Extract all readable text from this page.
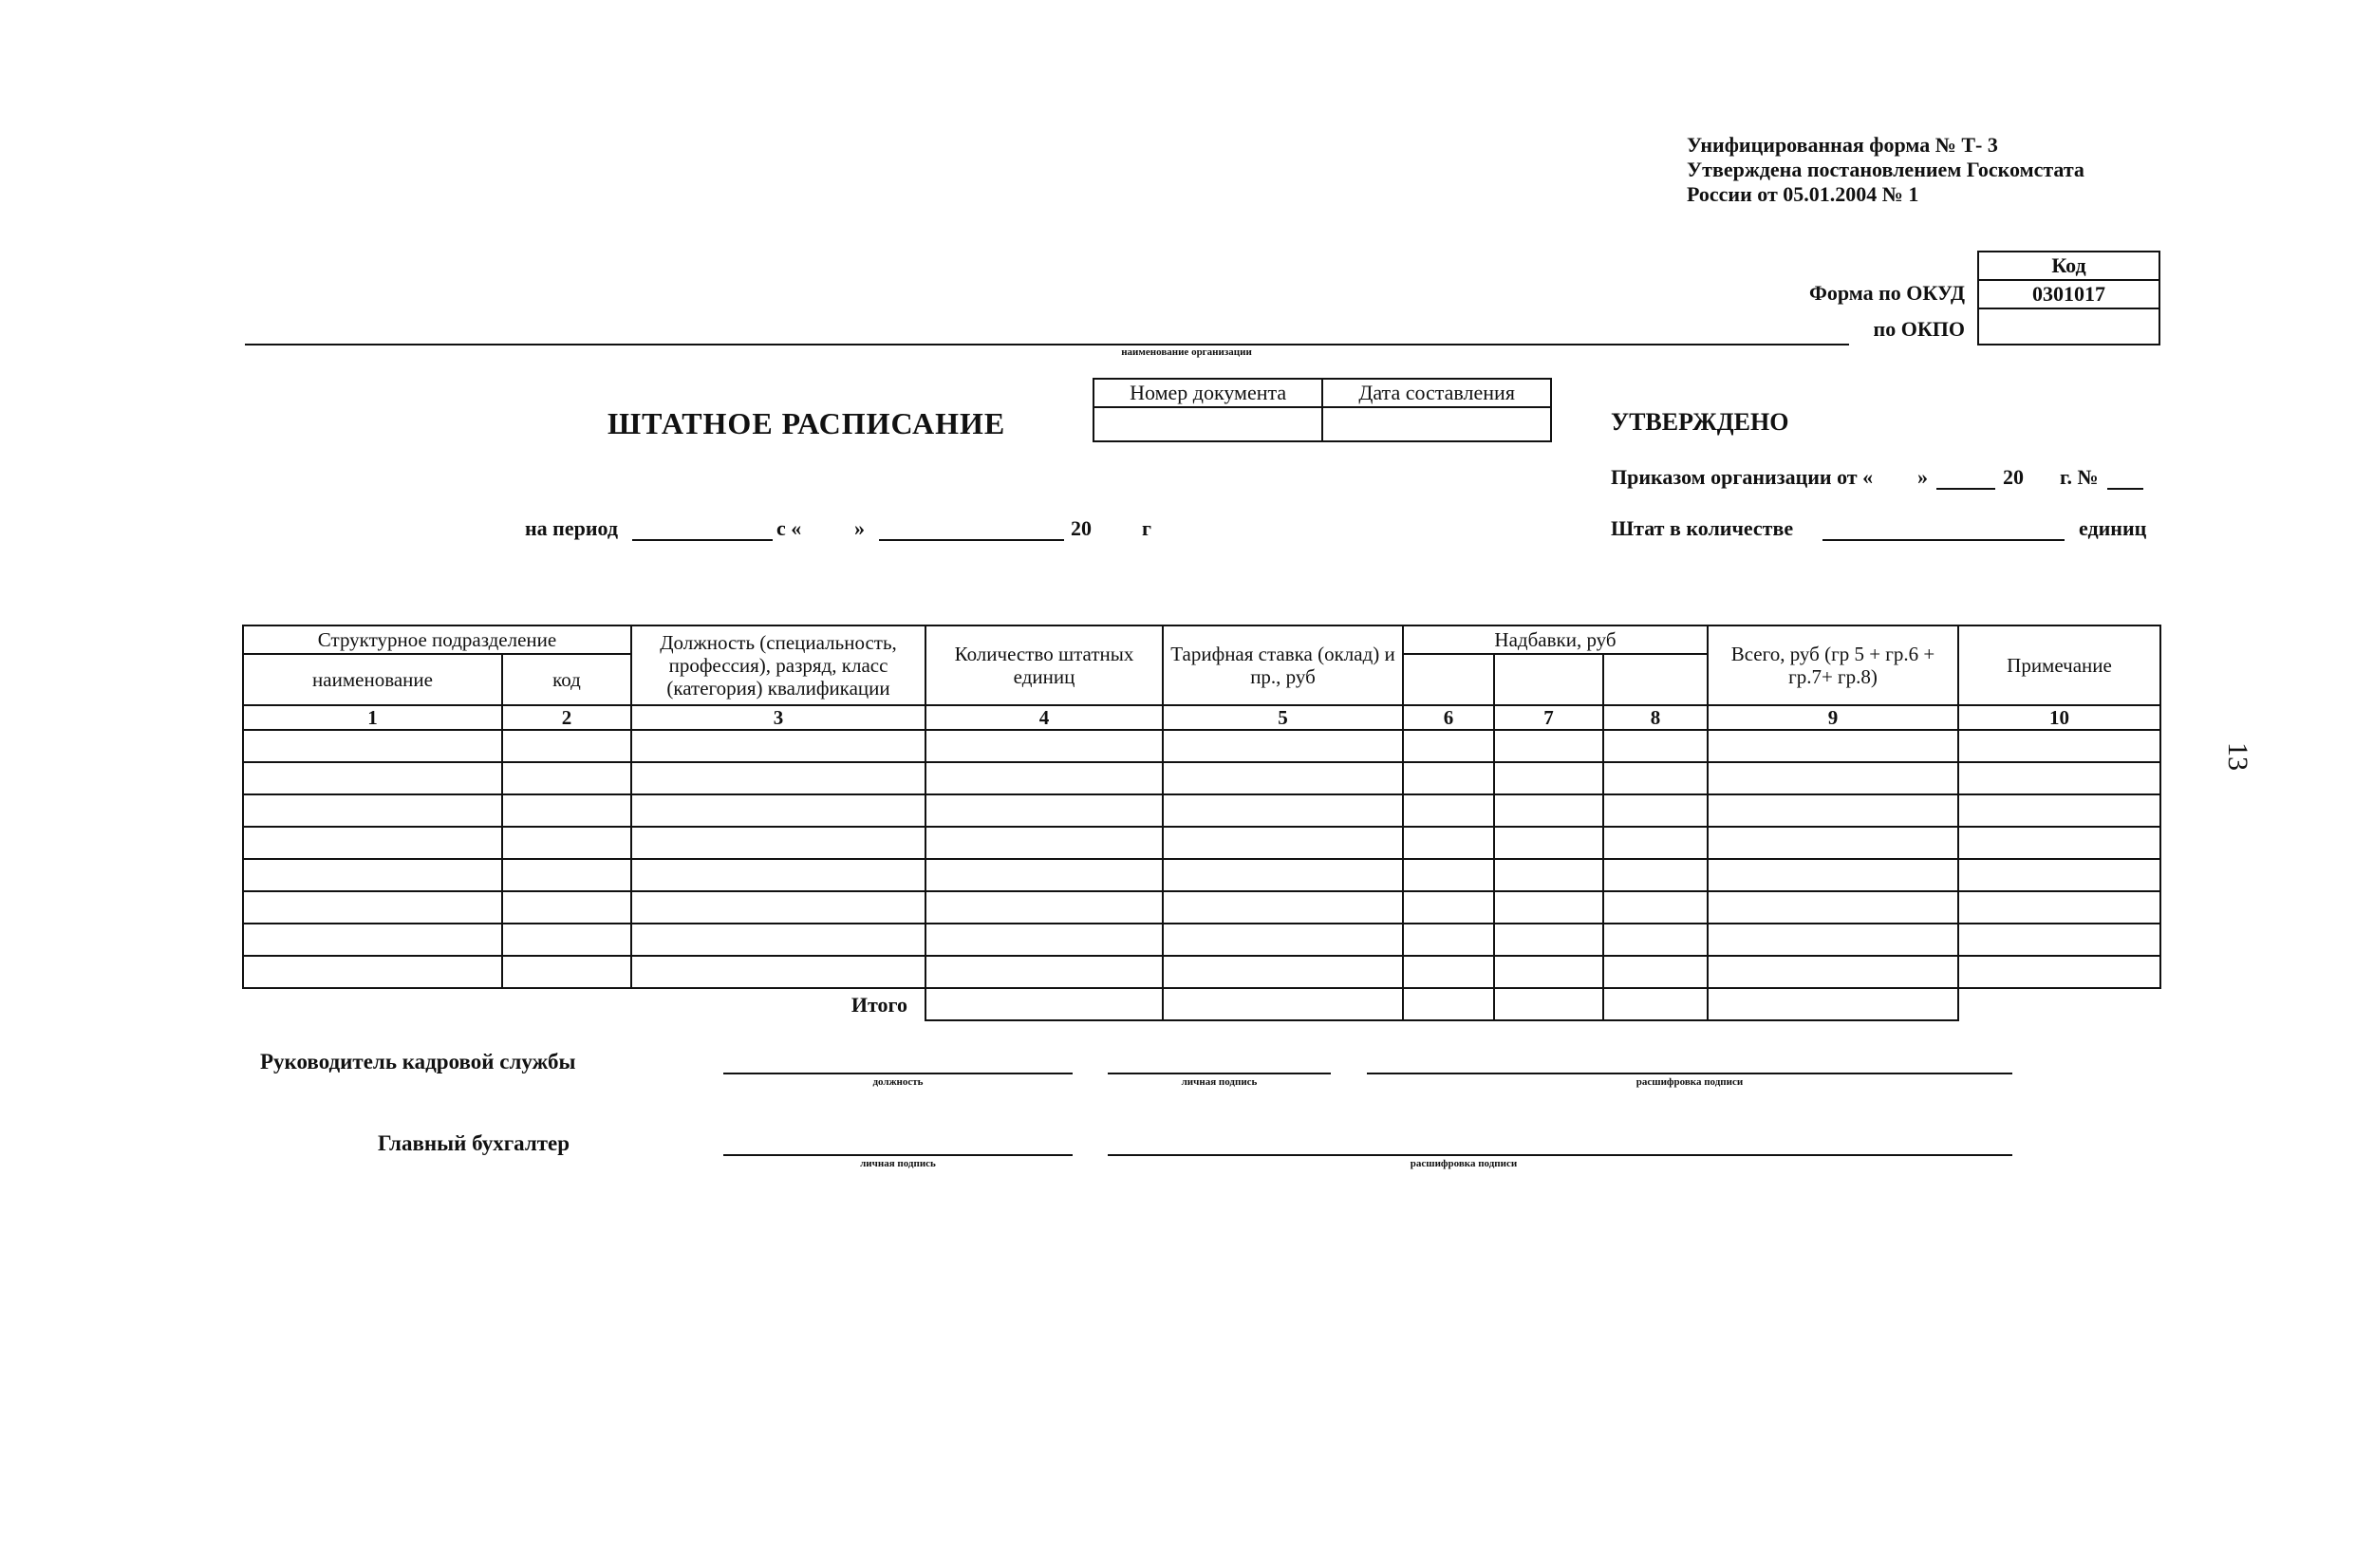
Унифицированная форма № Т- 3
Утверждена постановлением Госкомстата
России от 05.01.2004 № 1
Код
0301017

Форма по ОКУД
по ОКПО
наименование организации
Номер документа	Дата составления

ШТАТНОЕ РАСПИСАНИЕ	УТВЕРЖДЕНО
Приказом организации от « »	20 г. №
Штат в количестве	единиц
на период	с «	»	20 г
Структурное подразделение		Должность (специальность, профессия), разряд, класс (категория) квалификации	Количество штатных единиц	Тарифная ставка (оклад) и пр., руб	Надбавки, руб			Всего, руб (гр 5 + гр.6 + гр.7+ гр.8)	Примечание
наименование	код								
1	2	3	4	5	6	7	8	9	10

Итого									
Руководитель кадровой службы
должность	личная подпись	расшифровка подписи
Главный бухгалтер
личная подпись	расшифровка подписи
13
